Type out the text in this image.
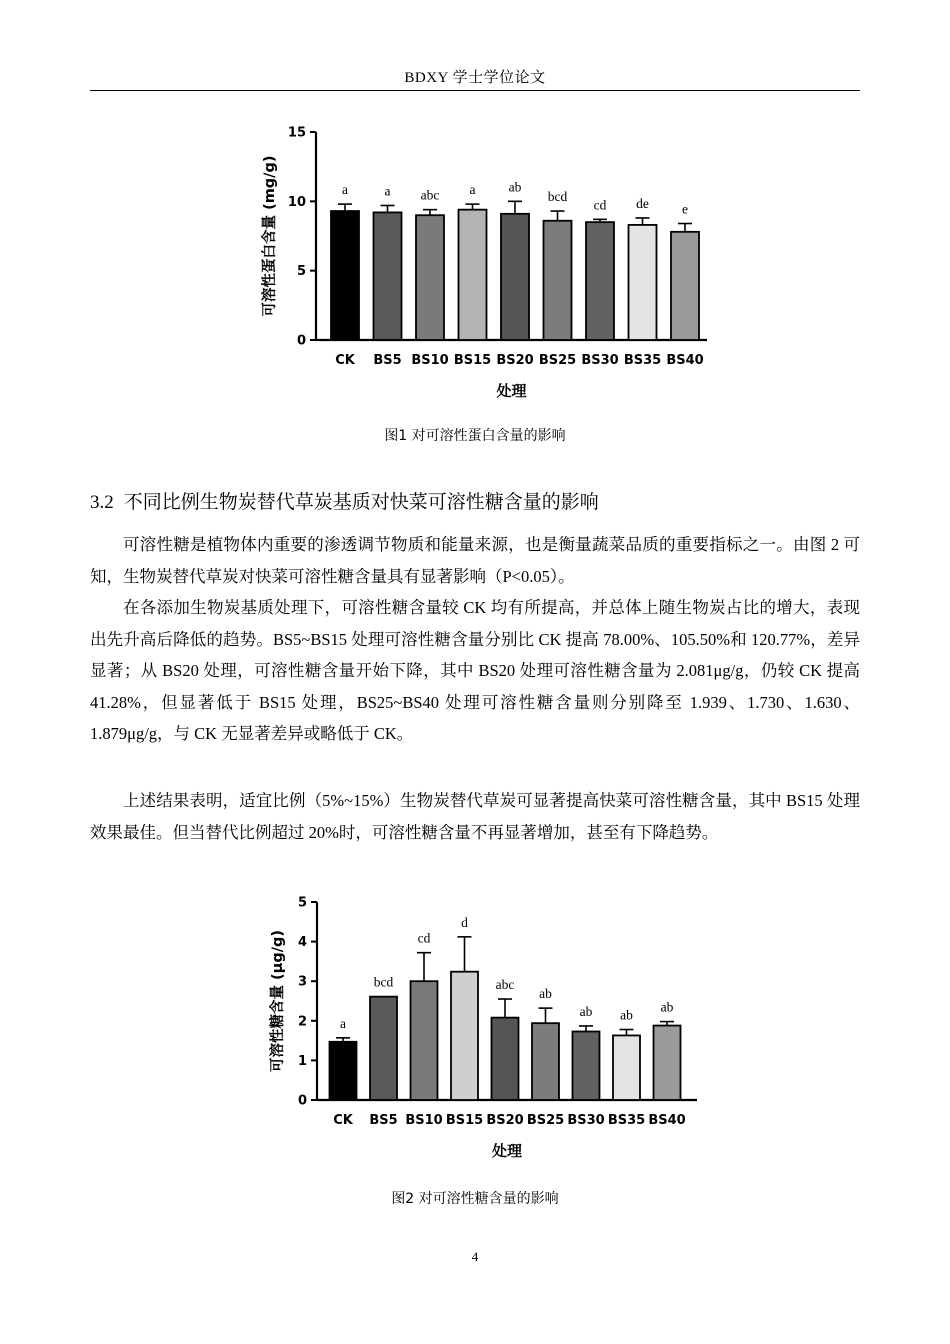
BDXY 学士学位论文
0
5
10
15
a
CK
a
BS5
abc
BS10
a
BS15
ab
BS20
bcd
BS25
cd
BS30
de
BS35
e
BS40
处理
可溶性蛋白含量 (mg/g)
图1 对可溶性蛋白含量的影响
3.2 不同比例生物炭替代草炭基质对快菜可溶性糖含量的影响
可溶性糖是植物体内重要的渗透调节物质和能量来源，也是衡量蔬菜品质的重要指标之一。由图 2 可知，生物炭替代草炭对快菜可溶性糖含量具有显著影响（P<0.05）。
在各添加生物炭基质处理下，可溶性糖含量较 CK 均有所提高，并总体上随生物炭占比的增大，表现出先升高后降低的趋势。BS5~BS15 处理可溶性糖含量分别比 CK 提高 78.00%、105.50%和 120.77%，差异显著；从 BS20 处理，可溶性糖含量开始下降，其中 BS20 处理可溶性糖含量为 2.081μg/g，仍较 CK 提高 41.28%，但显著低于 BS15 处理，BS25~BS40 处理可溶性糖含量则分别降至 1.939、1.730、1.630、1.879μg/g，与 CK 无显著差异或略低于 CK。
上述结果表明，适宜比例（5%~15%）生物炭替代草炭可显著提高快菜可溶性糖含量，其中 BS15 处理效果最佳。但当替代比例超过 20%时，可溶性糖含量不再显著增加，甚至有下降趋势。
0
1
2
3
4
5
a
CK
bcd
BS5
cd
BS10
d
BS15
abc
BS20
ab
BS25
ab
BS30
ab
BS35
ab
BS40
处理
可溶性糖含量 (μg/g)
图2 对可溶性糖含量的影响
4
